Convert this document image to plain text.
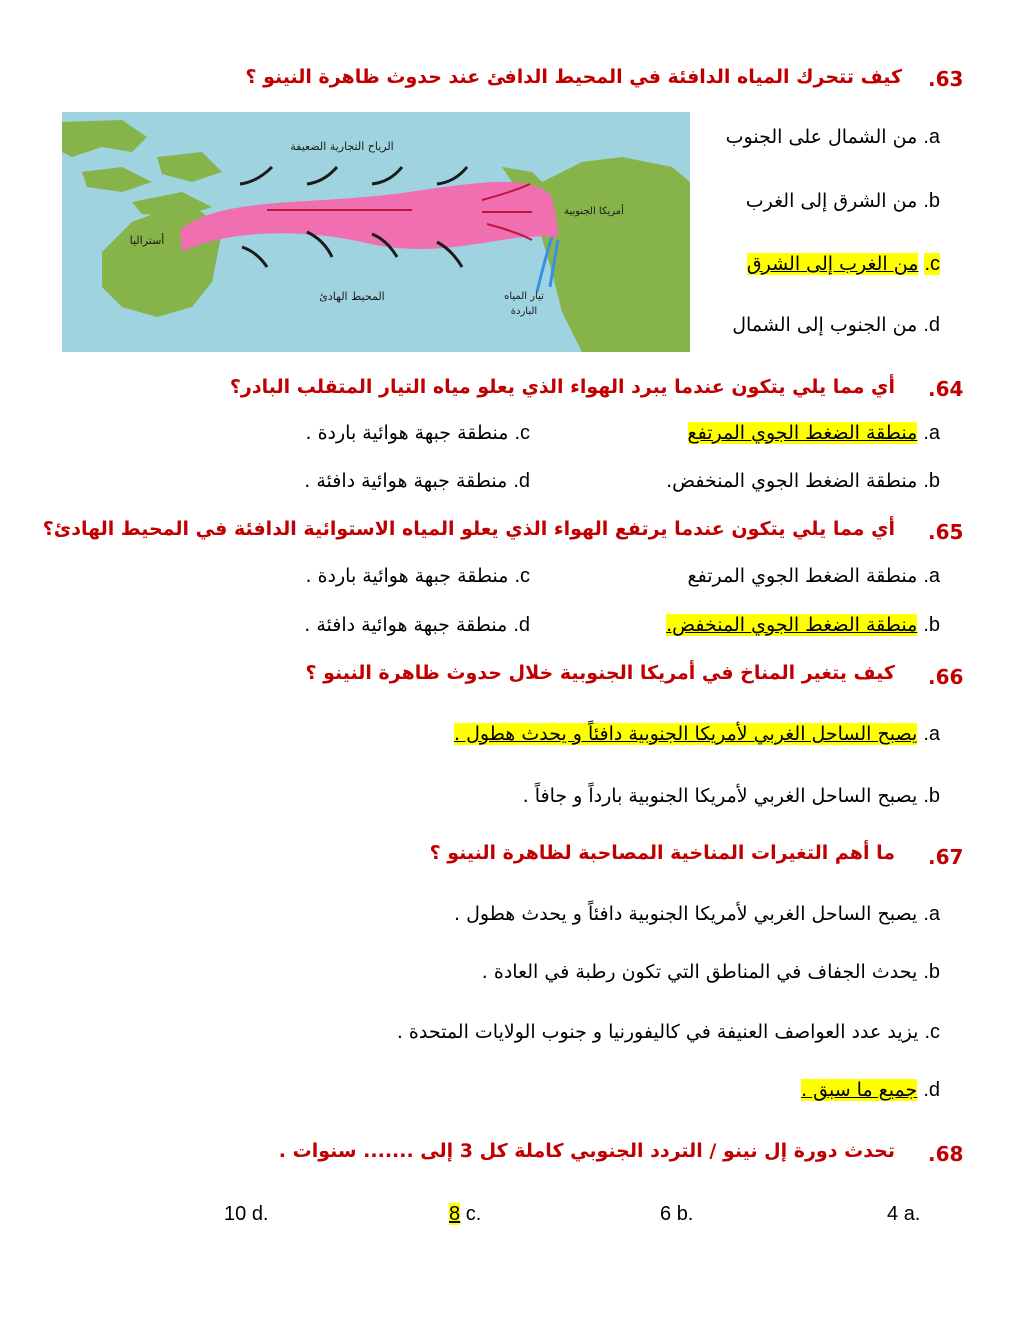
.63
كيف تتحرك المياه الدافئة في المحيط الدافئ عند حدوث ظاهرة النينو ؟
الرياح التجارية الضعيفة
أستراليا
أمريكا الجنوبية
المحيط الهادئ	تيار المياه
الباردة
a. من الشمال على الجنوب
b. من الشرق إلى الغرب
c. من الغرب إلى الشرق
d. من الجنوب إلى الشمال
.64
أي مما يلي يتكون عندما يبرد الهواء الذي يعلو مياه التيار المتقلب البادر؟
a. منطقة الضغط الجوي المرتفع
c. منطقة جبهة هوائية باردة .
b. منطقة الضغط الجوي المنخفض.
d. منطقة جبهة هوائية دافئة .
.65
أي مما يلي يتكون عندما يرتفع الهواء الذي يعلو المياه الاستوائية الدافئة في المحيط الهادئ؟
a. منطقة الضغط الجوي المرتفع
c. منطقة جبهة هوائية باردة .
b. منطقة الضغط الجوي المنخفض.
d. منطقة جبهة هوائية دافئة .
.66
كيف يتغير المناخ في أمريكا الجنوبية خلال حدوث ظاهرة النينو ؟
a. يصبح الساحل الغربي لأمريكا الجنوبية دافئاً و يحدث هطول .
b. يصبح الساحل الغربي لأمريكا الجنوبية بارداً و جافاً .
.67
ما أهم التغيرات المناخية المصاحبة لظاهرة النينو ؟
a. يصبح الساحل الغربي لأمريكا الجنوبية دافئاً و يحدث هطول .
b. يحدث الجفاف في المناطق التي تكون رطبة في العادة .
c. يزيد عدد العواصف العنيفة في كاليفورنيا و جنوب الولايات المتحدة .
d. جميع ما سبق .
.68
تحدث دورة إل نينو / التردد الجنوبي كاملة كل 3 إلى ....... سنوات .
4 a.
6 b.
8 c.
10 d.
